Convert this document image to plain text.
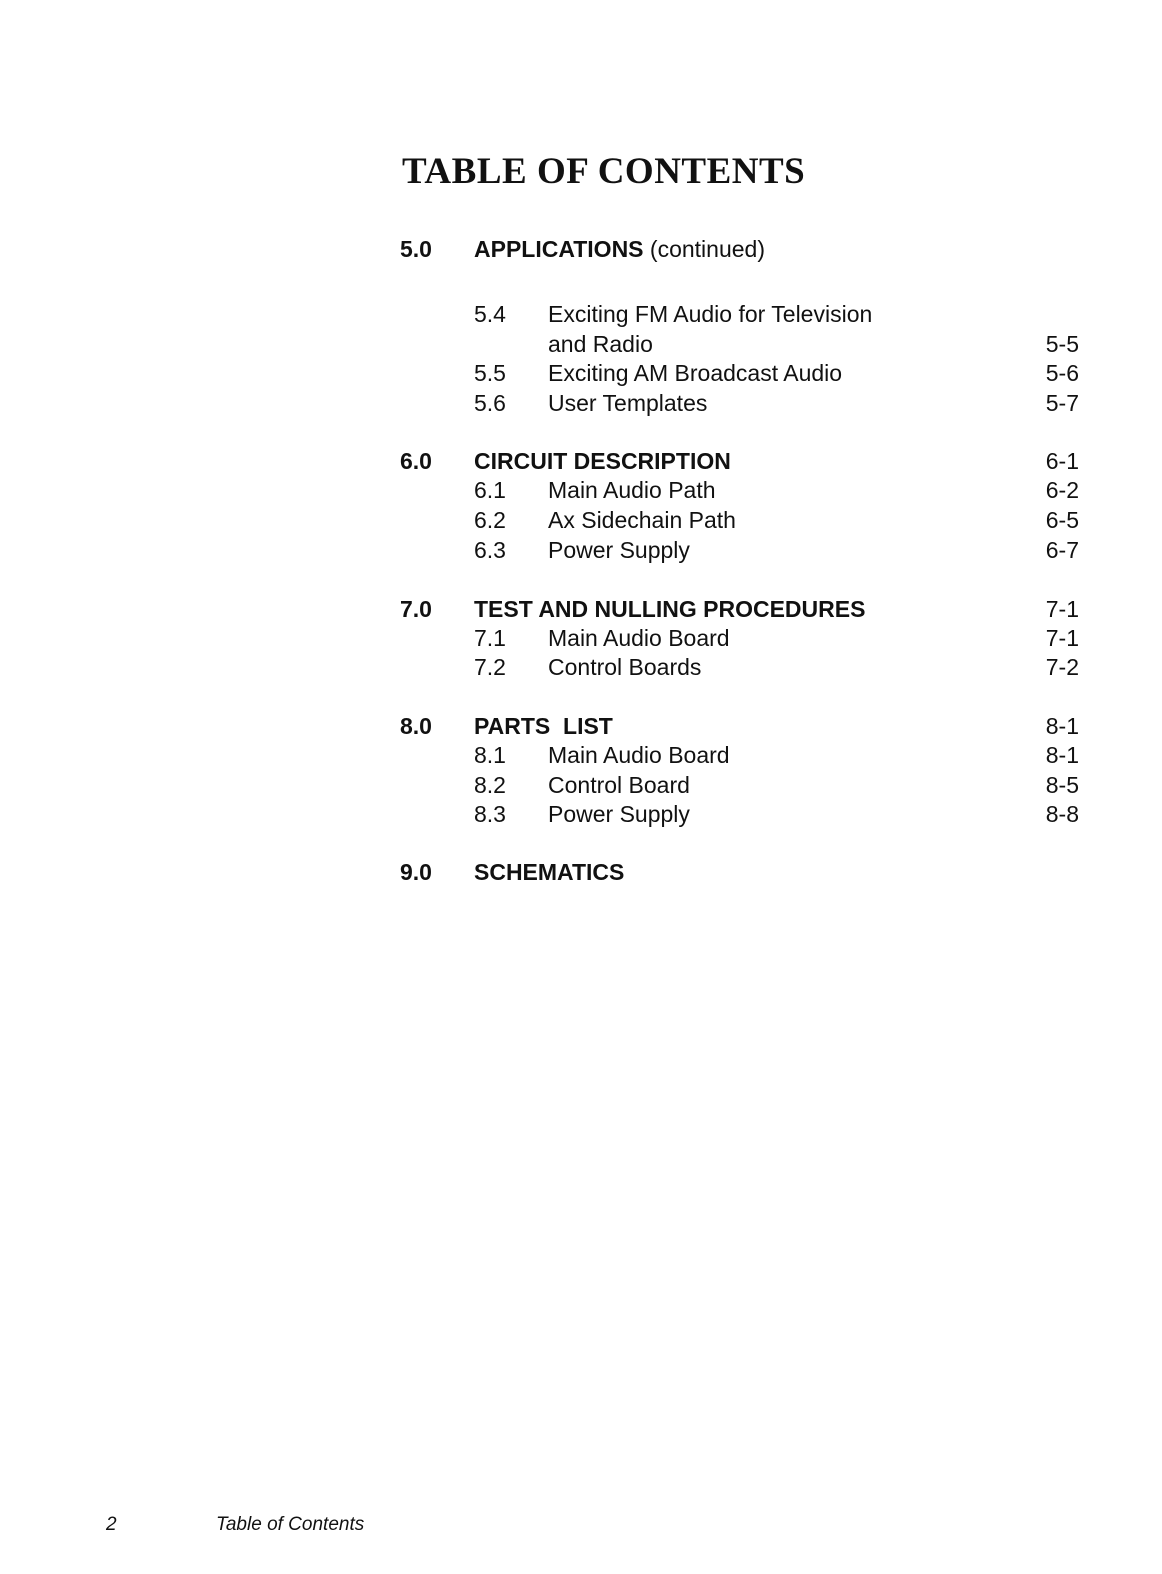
TABLE OF CONTENTS
5.0 APPLICATIONS (continued)
5.4 Exciting FM Audio for Television
and Radio	5-5
5.5 Exciting AM Broadcast Audio	5-6
5.6 User Templates	5-7
6.0 CIRCUIT DESCRIPTION	6-1
6.1 Main Audio Path	6-2
6.2 Ax Sidechain Path	6-5
6.3 Power Supply	6-7
7.0 TEST AND NULLING PROCEDURES	7-1
7.1 Main Audio Board	7-1
7.2 Control Boards	7-2
8.0 PARTS  LIST	8-1
8.1 Main Audio Board	8-1
8.2 Control Board	8-5
8.3 Power Supply	8-8
9.0 SCHEMATICS
2	Table of Contents
